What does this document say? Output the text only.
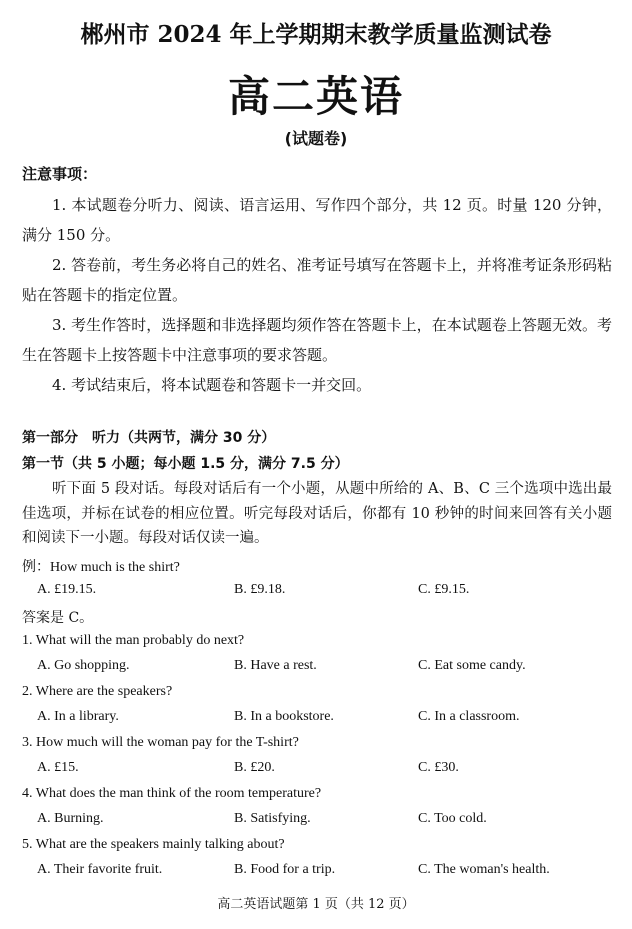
郴州市 2024 年上学期期末教学质量监测试卷
高二英语
(试题卷)
注意事项：

1. 本试题卷分听力、阅读、语言运用、写作四个部分，共 12 页。时量 120 分钟，满分 150 分。

2. 答卷前，考生务必将自己的姓名、准考证号填写在答题卡上，并将准考证条形码粘贴在答题卡的指定位置。

3. 考生作答时，选择题和非选择题均须作答在答题卡上，在本试题卷上答题无效。考生在答题卡上按答题卡中注意事项的要求答题。

4. 考试结束后，将本试题卷和答题卡一并交回。

第一部分　听力（共两节，满分 30 分）
第一节（共 5 小题；每小题 1.5 分，满分 7.5 分）

听下面 5 段对话。每段对话后有一个小题，从题中所给的 A、B、C 三个选项中选出最佳选项，并标在试卷的相应位置。听完每段对话后，你都有 10 秒钟的时间来回答有关小题和阅读下一小题。每段对话仅读一遍。

例：How much is the shirt?
A. £19.15.	B. £9.18.	C. £9.15.
答案是 C。
1. What will the man probably do next?
A. Go shopping.	B. Have a rest.	C. Eat some candy.
2. Where are the speakers?
A. In a library.	B. In a bookstore.	C. In a classroom.
3. How much will the woman pay for the T-shirt?
A. £15.	B. £20.	C. £30.
4. What does the man think of the room temperature?
A. Burning.	B. Satisfying.	C. Too cold.
5. What are the speakers mainly talking about?
A. Their favorite fruit.	B. Food for a trip.	C. The woman's health.
高二英语试题第 1 页（共 12 页）
